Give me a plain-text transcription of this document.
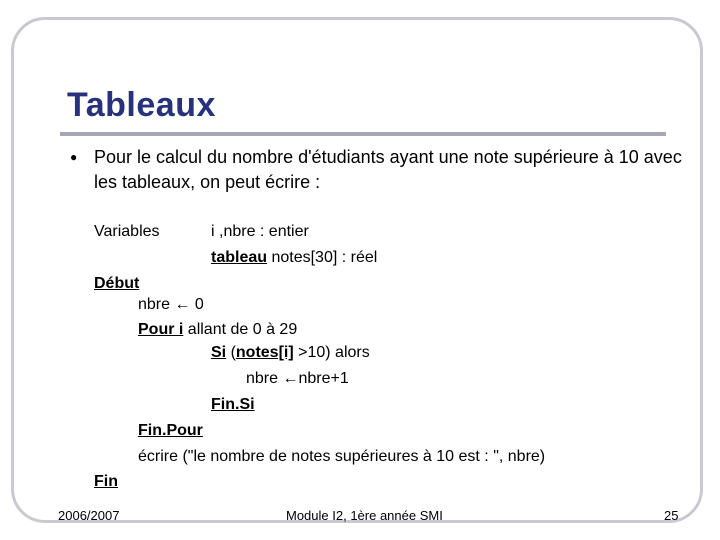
Tableaux
● Pour le calcul du nombre d'étudiants ayant une note supérieure à 10 avec les tableaux, on peut écrire :

Variables	i ,nbre : entier
tableau notes[30] : réel
Début
nbre ← 0
Pour i allant de 0 à 29
Si (notes[i] >10) alors
nbre ←nbre+1
Fin.Si
Fin.Pour
écrire ("le nombre de notes supérieures à 10 est : ", nbre)
Fin
2006/2007	Module I2, 1ère année SMI	25
